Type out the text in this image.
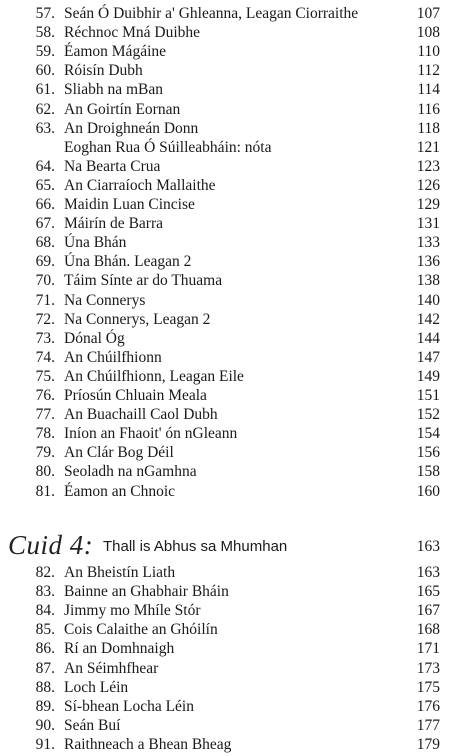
57. Seán Ó Duibhir a' Ghleanna, Leagan Ciorraithe	107
58. Réchnoc Mná Duibhe	108
59. Éamon Mágáine	110
60. Róisín Dubh	112
61. Sliabh na mBan	114
62. An Goirtín Eornan	116
63. An Droighneán Donn	118
Eoghan Rua Ó Súilleabháin: nóta	121
64. Na Bearta Crua	123
65. An Ciarraíoch Mallaithe	126
66. Maidin Luan Cincise	129
67. Máirín de Barra	131
68. Úna Bhán	133
69. Úna Bhán. Leagan 2	136
70. Táim Sínte ar do Thuama	138
71. Na Connerys	140
72. Na Connerys, Leagan 2	142
73. Dónal Óg	144
74. An Chúilfhionn	147
75. An Chúilfhionn, Leagan Eile	149
76. Príosún Chluain Meala	151
77. An Buachaill Caol Dubh	152
78. Iníon an Fhaoit' ón nGleann	154
79. An Clár Bog Déil	156
80. Seoladh na nGamhna	158
81. Éamon an Chnoic	160
Cuid 4: Thall is Abhus sa Mhumhan	163
82. An Bheistín Liath	163
83. Bainne an Ghabhair Bháin	165
84. Jimmy mo Mhíle Stór	167
85. Cois Calaithe an Ghóilín	168
86. Rí an Domhnaigh	171
87. An Séimhfhear	173
88. Loch Léin	175
89. Sí-bhean Locha Léin	176
90. Seán Buí	177
91. Raithneach a Bhean Bheag	179
